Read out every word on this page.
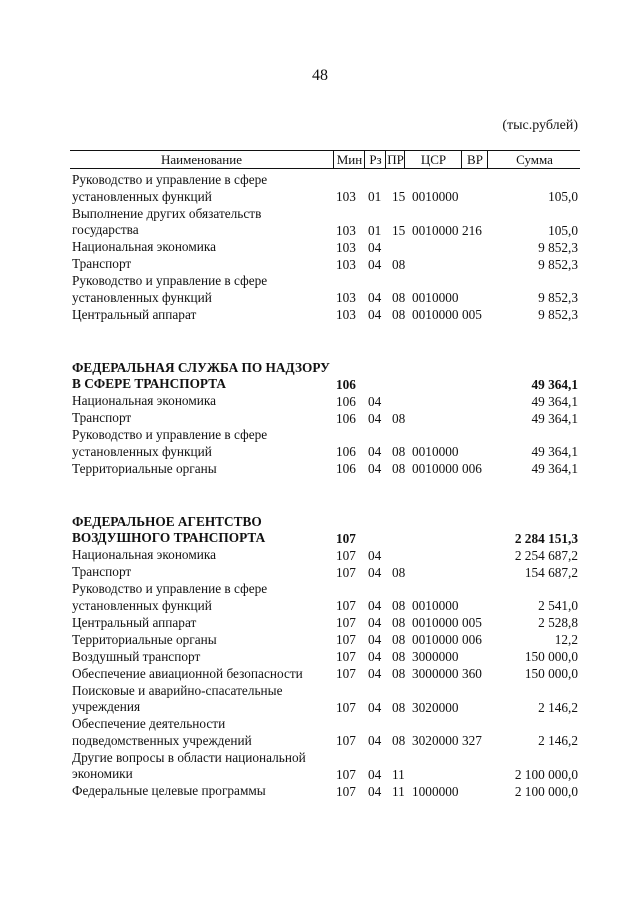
48
(тыс.рублей)
Наименование	Мин Рз ПР	ЦСР	ВР	Сумма
Руководство и управление в сфере установленных функций	103 01 15 0010000	105,0
Выполнение других обязательств государства	103 01 15 0010000 216	105,0
Национальная экономика	103 04	9 852,3
Транспорт	103 04 08	9 852,3
Руководство и управление в сфере установленных функций	103 04 08 0010000	9 852,3
Центральный аппарат	103 04 08 0010000 005	9 852,3
ФЕДЕРАЛЬНАЯ СЛУЖБА ПО НАДЗОРУ В СФЕРЕ ТРАНСПОРТА	106	49 364,1
Национальная экономика	106 04	49 364,1
Транспорт	106 04 08	49 364,1
Руководство и управление в сфере установленных функций	106 04 08 0010000	49 364,1
Территориальные органы	106 04 08 0010000 006	49 364,1
ФЕДЕРАЛЬНОЕ АГЕНТСТВО ВОЗДУШНОГО ТРАНСПОРТА	107	2 284 151,3
Национальная экономика	107 04	2 254 687,2
Транспорт	107 04 08	154 687,2
Руководство и управление в сфере установленных функций	107 04 08 0010000	2 541,0
Центральный аппарат	107 04 08 0010000 005	2 528,8
Территориальные органы	107 04 08 0010000 006	12,2
Воздушный транспорт	107 04 08 3000000	150 000,0
Обеспечение авиационной безопасности	107 04 08 3000000 360	150 000,0
Поисковые и аварийно-спасательные учреждения	107 04 08 3020000	2 146,2
Обеспечение деятельности подведомственных учреждений	107 04 08 3020000 327	2 146,2
Другие вопросы в области национальной экономики	107 04 11	2 100 000,0
Федеральные целевые программы	107 04 11 1000000	2 100 000,0
